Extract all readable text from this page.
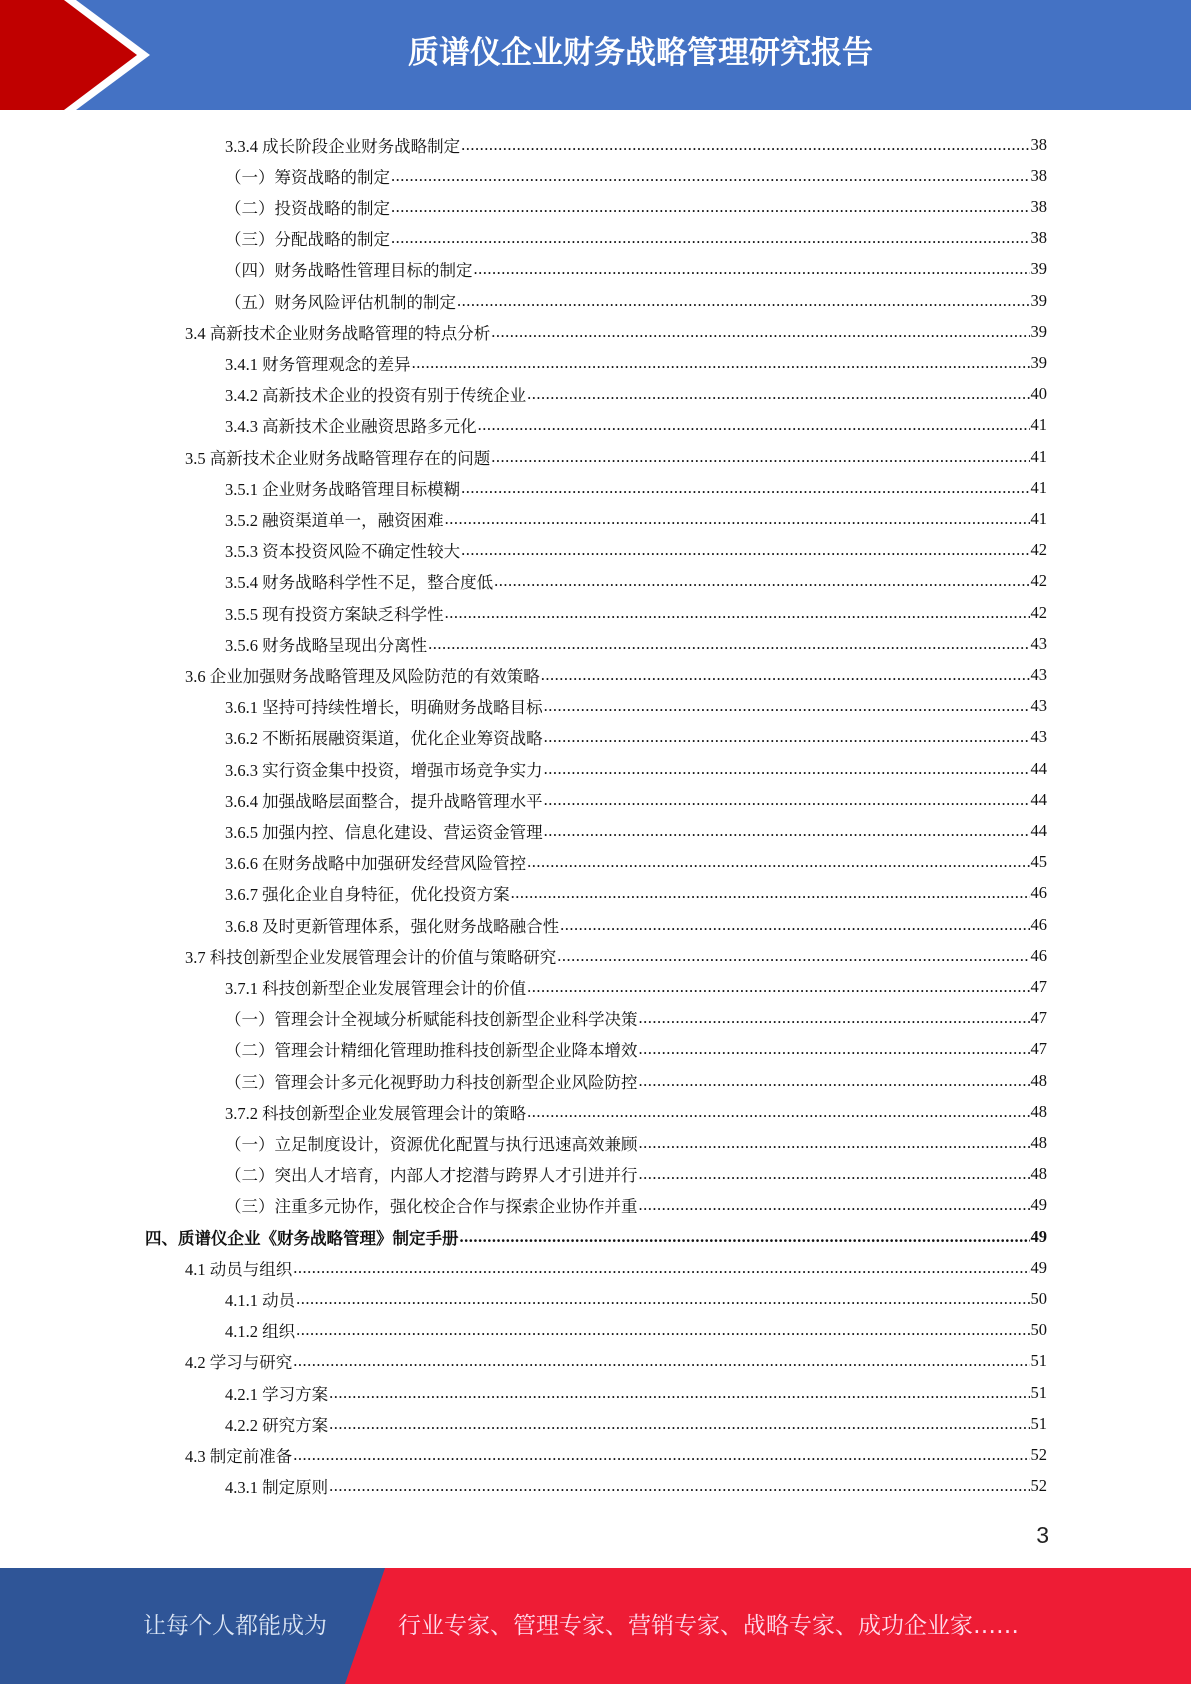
质谱仪企业财务战略管理研究报告
3.3.4 成长阶段企业财务战略制定 .....	38
（一）筹资战略的制定 .....	38
（二）投资战略的制定 .....	38
（三）分配战略的制定 .....	38
（四）财务战略性管理目标的制定 .....	39
（五）财务风险评估机制的制定 .....	39
3.4 高新技术企业财务战略管理的特点分析 .....	39
3.4.1 财务管理观念的差异 .....	39
3.4.2 高新技术企业的投资有别于传统企业 .....	40
3.4.3 高新技术企业融资思路多元化 .....	41
3.5 高新技术企业财务战略管理存在的问题 .....	41
3.5.1 企业财务战略管理目标模糊 .....	41
3.5.2 融资渠道单一，融资困难 .....	41
3.5.3 资本投资风险不确定性较大 .....	42
3.5.4 财务战略科学性不足，整合度低 .....	42
3.5.5 现有投资方案缺乏科学性 .....	42
3.5.6 财务战略呈现出分离性 .....	43
3.6 企业加强财务战略管理及风险防范的有效策略 .....	43
3.6.1 坚持可持续性增长，明确财务战略目标 .....	43
3.6.2 不断拓展融资渠道，优化企业筹资战略 .....	43
3.6.3 实行资金集中投资，增强市场竞争实力 .....	44
3.6.4 加强战略层面整合，提升战略管理水平 .....	44
3.6.5 加强内控、信息化建设、营运资金管理 .....	44
3.6.6 在财务战略中加强研发经营风险管控 .....	45
3.6.7 强化企业自身特征，优化投资方案 .....	46
3.6.8 及时更新管理体系，强化财务战略融合性 .....	46
3.7 科技创新型企业发展管理会计的价值与策略研究 .....	46
3.7.1 科技创新型企业发展管理会计的价值 .....	47
（一）管理会计全视域分析赋能科技创新型企业科学决策 .....	47
（二）管理会计精细化管理助推科技创新型企业降本增效 .....	47
（三）管理会计多元化视野助力科技创新型企业风险防控 .....	48
3.7.2 科技创新型企业发展管理会计的策略 .....	48
（一）立足制度设计，资源优化配置与执行迅速高效兼顾 .....	48
（二）突出人才培育，内部人才挖潜与跨界人才引进并行 .....	48
（三）注重多元协作，强化校企合作与探索企业协作并重 .....	49
四、质谱仪企业《财务战略管理》制定手册 .....	49
4.1 动员与组织 .....	49
4.1.1 动员 .....	50
4.1.2 组织 .....	50
4.2 学习与研究 .....	51
4.2.1 学习方案 .....	51
4.2.2 研究方案 .....	51
4.3 制定前准备 .....	52
4.3.1 制定原则 .....	52
3
让每个人都能成为	行业专家、管理专家、营销专家、战略专家、成功企业家……
